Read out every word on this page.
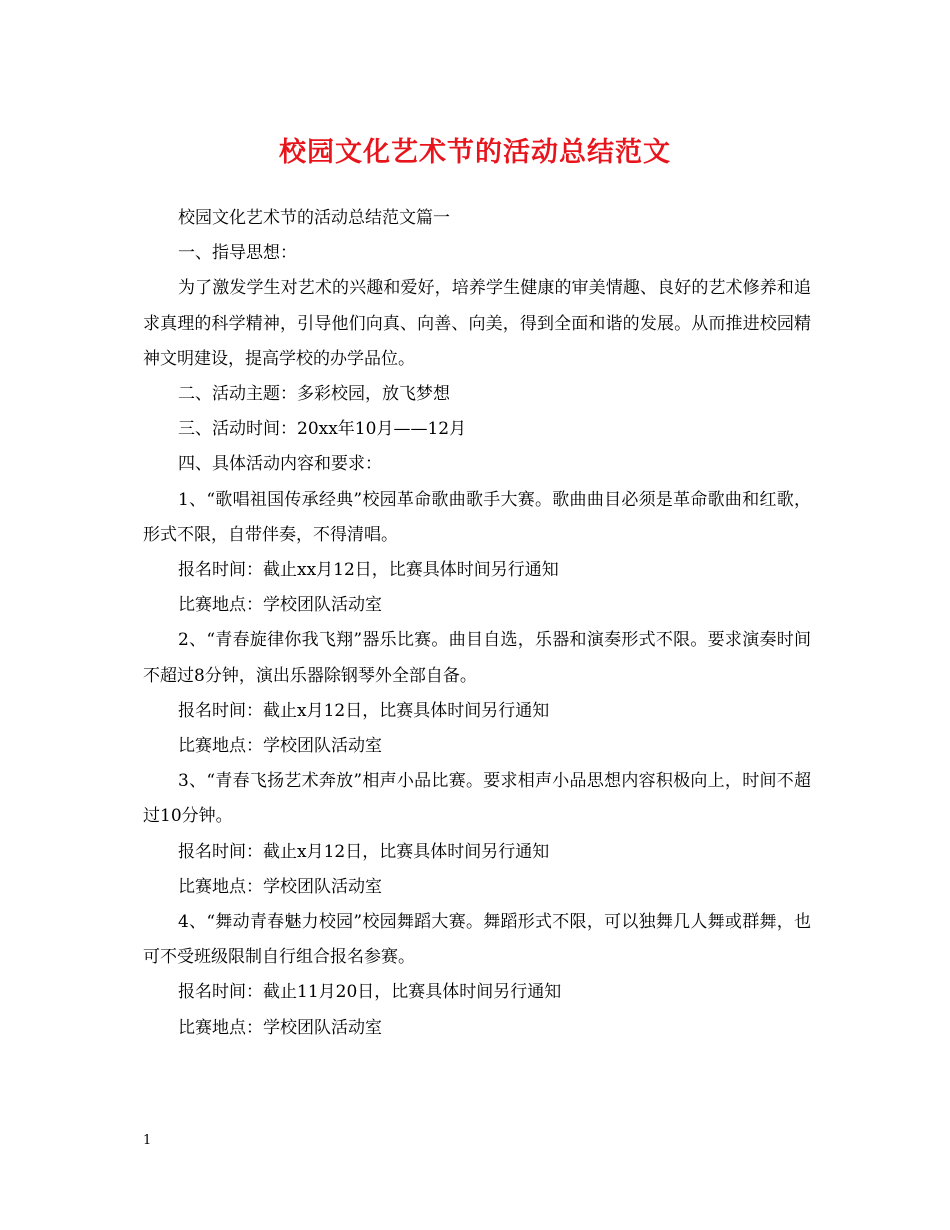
校园文化艺术节的活动总结范文

校园文化艺术节的活动总结范文篇一

一、指导思想：

为了激发学生对艺术的兴趣和爱好，培养学生健康的审美情趣、良好的艺术修养和追求真理的科学精神，引导他们向真、向善、向美，得到全面和谐的发展。从而推进校园精神文明建设，提高学校的办学品位。

二、活动主题：多彩校园，放飞梦想

三、活动时间：20xx年10月——12月

四、具体活动内容和要求：

1、“歌唱祖国传承经典”校园革命歌曲歌手大赛。歌曲曲目必须是革命歌曲和红歌，形式不限，自带伴奏，不得清唱。

报名时间：截止xx月12日，比赛具体时间另行通知

比赛地点：学校团队活动室

2、“青春旋律你我飞翔”器乐比赛。曲目自选，乐器和演奏形式不限。要求演奏时间不超过8分钟，演出乐器除钢琴外全部自备。

报名时间：截止x月12日，比赛具体时间另行通知

比赛地点：学校团队活动室

3、“青春飞扬艺术奔放”相声小品比赛。要求相声小品思想内容积极向上，时间不超过10分钟。

报名时间：截止x月12日，比赛具体时间另行通知

比赛地点：学校团队活动室

4、“舞动青春魅力校园”校园舞蹈大赛。舞蹈形式不限，可以独舞几人舞或群舞，也可不受班级限制自行组合报名参赛。

报名时间：截止11月20日，比赛具体时间另行通知

比赛地点：学校团队活动室

1
